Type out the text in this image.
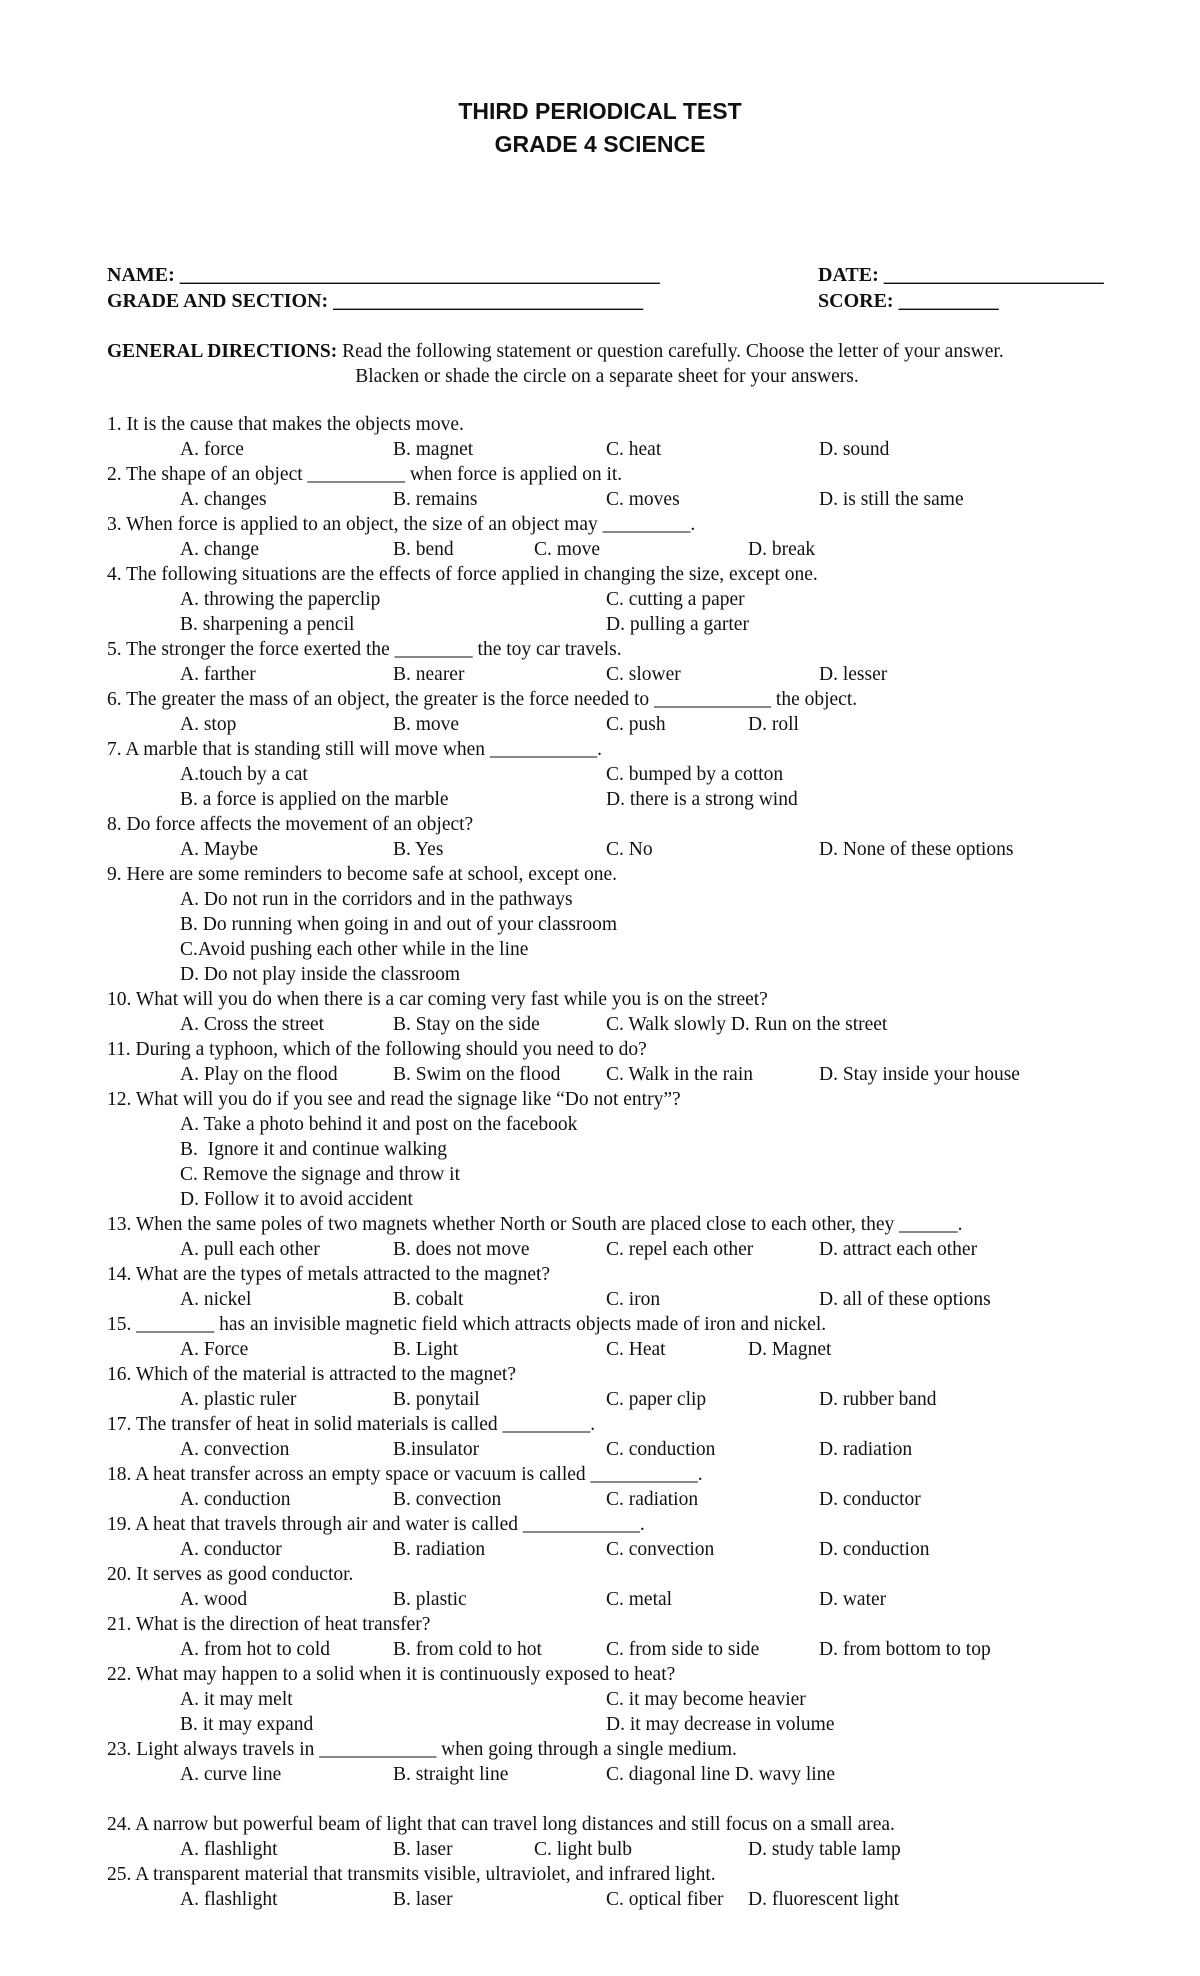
THIRD PERIODICAL TEST
GRADE 4 SCIENCE
NAME: ________________________________________________	DATE: ______________________
GRADE AND SECTION: _______________________________	SCORE: __________
GENERAL DIRECTIONS: Read the following statement or question carefully. Choose the letter of your answer.
Blacken or shade the circle on a separate sheet for your answers.
1. It is the cause that makes the objects move.
A. force	B. magnet	C. heat	D. sound
2. The shape of an object __________ when force is applied on it.
A. changes	B. remains	C. moves	D. is still the same
3. When force is applied to an object, the size of an object may _________.
A. change	B. bend	C. move	D. break
4. The following situations are the effects of force applied in changing the size, except one.
A. throwing the paperclip	C. cutting a paper
B. sharpening a pencil	D. pulling a garter
5. The stronger the force exerted the ________ the toy car travels.
A. farther	B. nearer	C. slower	D. lesser
6. The greater the mass of an object, the greater is the force needed to ____________ the object.
A. stop	B. move	C. push	D. roll
7. A marble that is standing still will move when ___________.
A.touch by a cat	C. bumped by a cotton
B. a force is applied on the marble	D. there is a strong wind
8. Do force affects the movement of an object?
A. Maybe	B. Yes	C. No	D. None of these options
9. Here are some reminders to become safe at school, except one.
A. Do not run in the corridors and in the pathways
B. Do running when going in and out of your classroom
C.Avoid pushing each other while in the line
D. Do not play inside the classroom
10. What will you do when there is a car coming very fast while you is on the street?
A. Cross the street	B. Stay on the side	C. Walk slowly D. Run on the street
11. During a typhoon, which of the following should you need to do?
A. Play on the flood	B. Swim on the flood C. Walk in the rain	D. Stay inside your house
12. What will you do if you see and read the signage like “Do not entry”?
A. Take a photo behind it and post on the facebook
B.  Ignore it and continue walking
C. Remove the signage and throw it
D. Follow it to avoid accident
13. When the same poles of two magnets whether North or South are placed close to each other, they ______.
A. pull each other	B. does not move	C. repel each other	D. attract each other
14. What are the types of metals attracted to the magnet?
A. nickel	B. cobalt	C. iron	D. all of these options
15. ________ has an invisible magnetic field which attracts objects made of iron and nickel.
A. Force	B. Light	C. Heat	D. Magnet
16. Which of the material is attracted to the magnet?
A. plastic ruler	B. ponytail	C. paper clip	D. rubber band
17. The transfer of heat in solid materials is called _________.
A. convection	B.insulator	C. conduction	D. radiation
18. A heat transfer across an empty space or vacuum is called ___________.
A. conduction	B. convection	C. radiation	D. conductor
19. A heat that travels through air and water is called ____________.
A. conductor	B. radiation	C. convection	D. conduction
20. It serves as good conductor.
A. wood	B. plastic	C. metal	D. water
21. What is the direction of heat transfer?
A. from hot to cold	B. from cold to hot	C. from side to side	D. from bottom to top
22. What may happen to a solid when it is continuously exposed to heat?
A. it may melt	C. it may become heavier
B. it may expand	D. it may decrease in volume
23. Light always travels in ____________ when going through a single medium.
A. curve line	B. straight line	C. diagonal line D. wavy line
24. A narrow but powerful beam of light that can travel long distances and still focus on a small area.
A. flashlight	B. laser	C. light bulb	D. study table lamp
25. A transparent material that transmits visible, ultraviolet, and infrared light.
A. flashlight	B. laser	C. optical fiber D. fluorescent light
